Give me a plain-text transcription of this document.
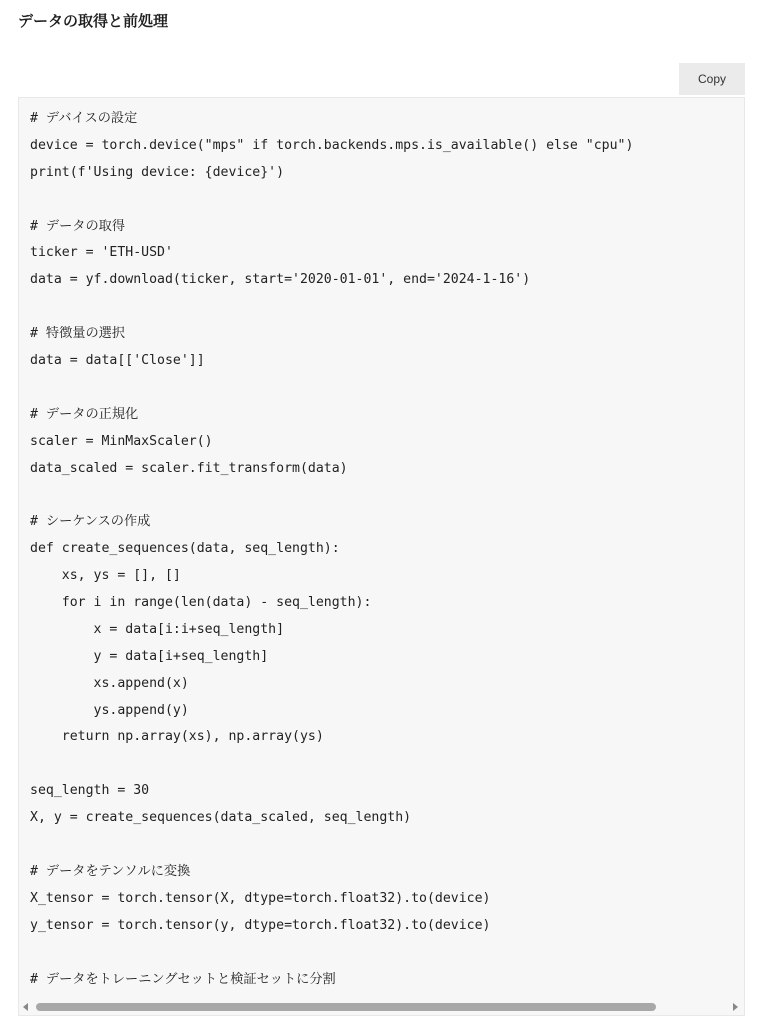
データの取得と前処理
Copy
# デバイスの設定
device = torch.device("mps" if torch.backends.mps.is_available() else "cpu")
print(f'Using device: {device}')
# データの取得
ticker = 'ETH-USD'
data = yf.download(ticker, start='2020-01-01', end='2024-1-16')
# 特徴量の選択
data = data[['Close']]
# データの正規化
scaler = MinMaxScaler()
data_scaled = scaler.fit_transform(data)
# シーケンスの作成
def create_sequences(data, seq_length):
xs, ys = [], []
for i in range(len(data) - seq_length):
x = data[i:i+seq_length]
y = data[i+seq_length]
xs.append(x)
ys.append(y)
return np.array(xs), np.array(ys)
seq_length = 30
X, y = create_sequences(data_scaled, seq_length)
# データをテンソルに変換
X_tensor = torch.tensor(X, dtype=torch.float32).to(device)
y_tensor = torch.tensor(y, dtype=torch.float32).to(device)
# データをトレーニングセットと検証セットに分割
